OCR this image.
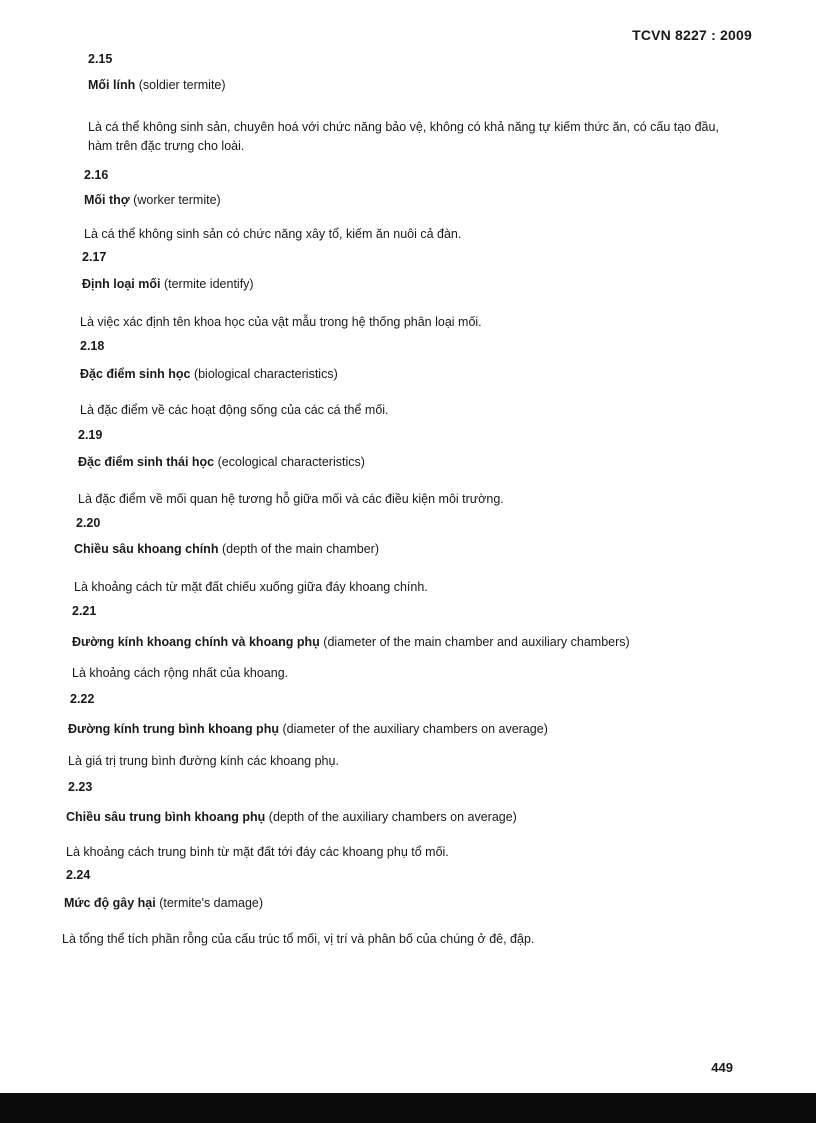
TCVN 8227 : 2009
2.15
Mối lính (soldier termite)
Là cá thể không sinh sản, chuyên hoá với chức năng bảo vệ, không có khả năng tự kiếm thức ăn, có cấu tạo đầu, hàm trên đặc trưng cho loài.
2.16
Mối thợ (worker termite)
Là cá thể không sinh sản có chức năng xây tổ, kiếm ăn nuôi cả đàn.
2.17
Định loại mối (termite identify)
Là việc xác định tên khoa học của vật mẫu trong hệ thống phân loại mối.
2.18
Đặc điểm sinh học (biological characteristics)
Là đặc điểm về các hoạt động sống của các cá thể mối.
2.19
Đặc điểm sinh thái học (ecological characteristics)
Là đặc điểm về mối quan hệ tương hỗ giữa mối và các điều kiện môi trường.
2.20
Chiều sâu khoang chính (depth of the main chamber)
Là khoảng cách từ mặt đất chiếu xuống giữa đáy khoang chính.
2.21
Đường kính khoang chính và khoang phụ (diameter of the main chamber and auxiliary chambers)
Là khoảng cách rộng nhất của khoang.
2.22
Đường kính trung bình khoang phụ (diameter of the auxiliary chambers on average)
Là giá trị trung bình đường kính các khoang phụ.
2.23
Chiều sâu trung bình khoang phụ (depth of the auxiliary chambers on average)
Là khoảng cách trung bình từ mặt đất tới đáy các khoang phụ tổ mối.
2.24
Mức độ gây hại (termite's damage)
Là tổng thể tích phần rỗng của cấu trúc tổ mối, vị trí và phân bố của chúng ở đê, đập.
449
